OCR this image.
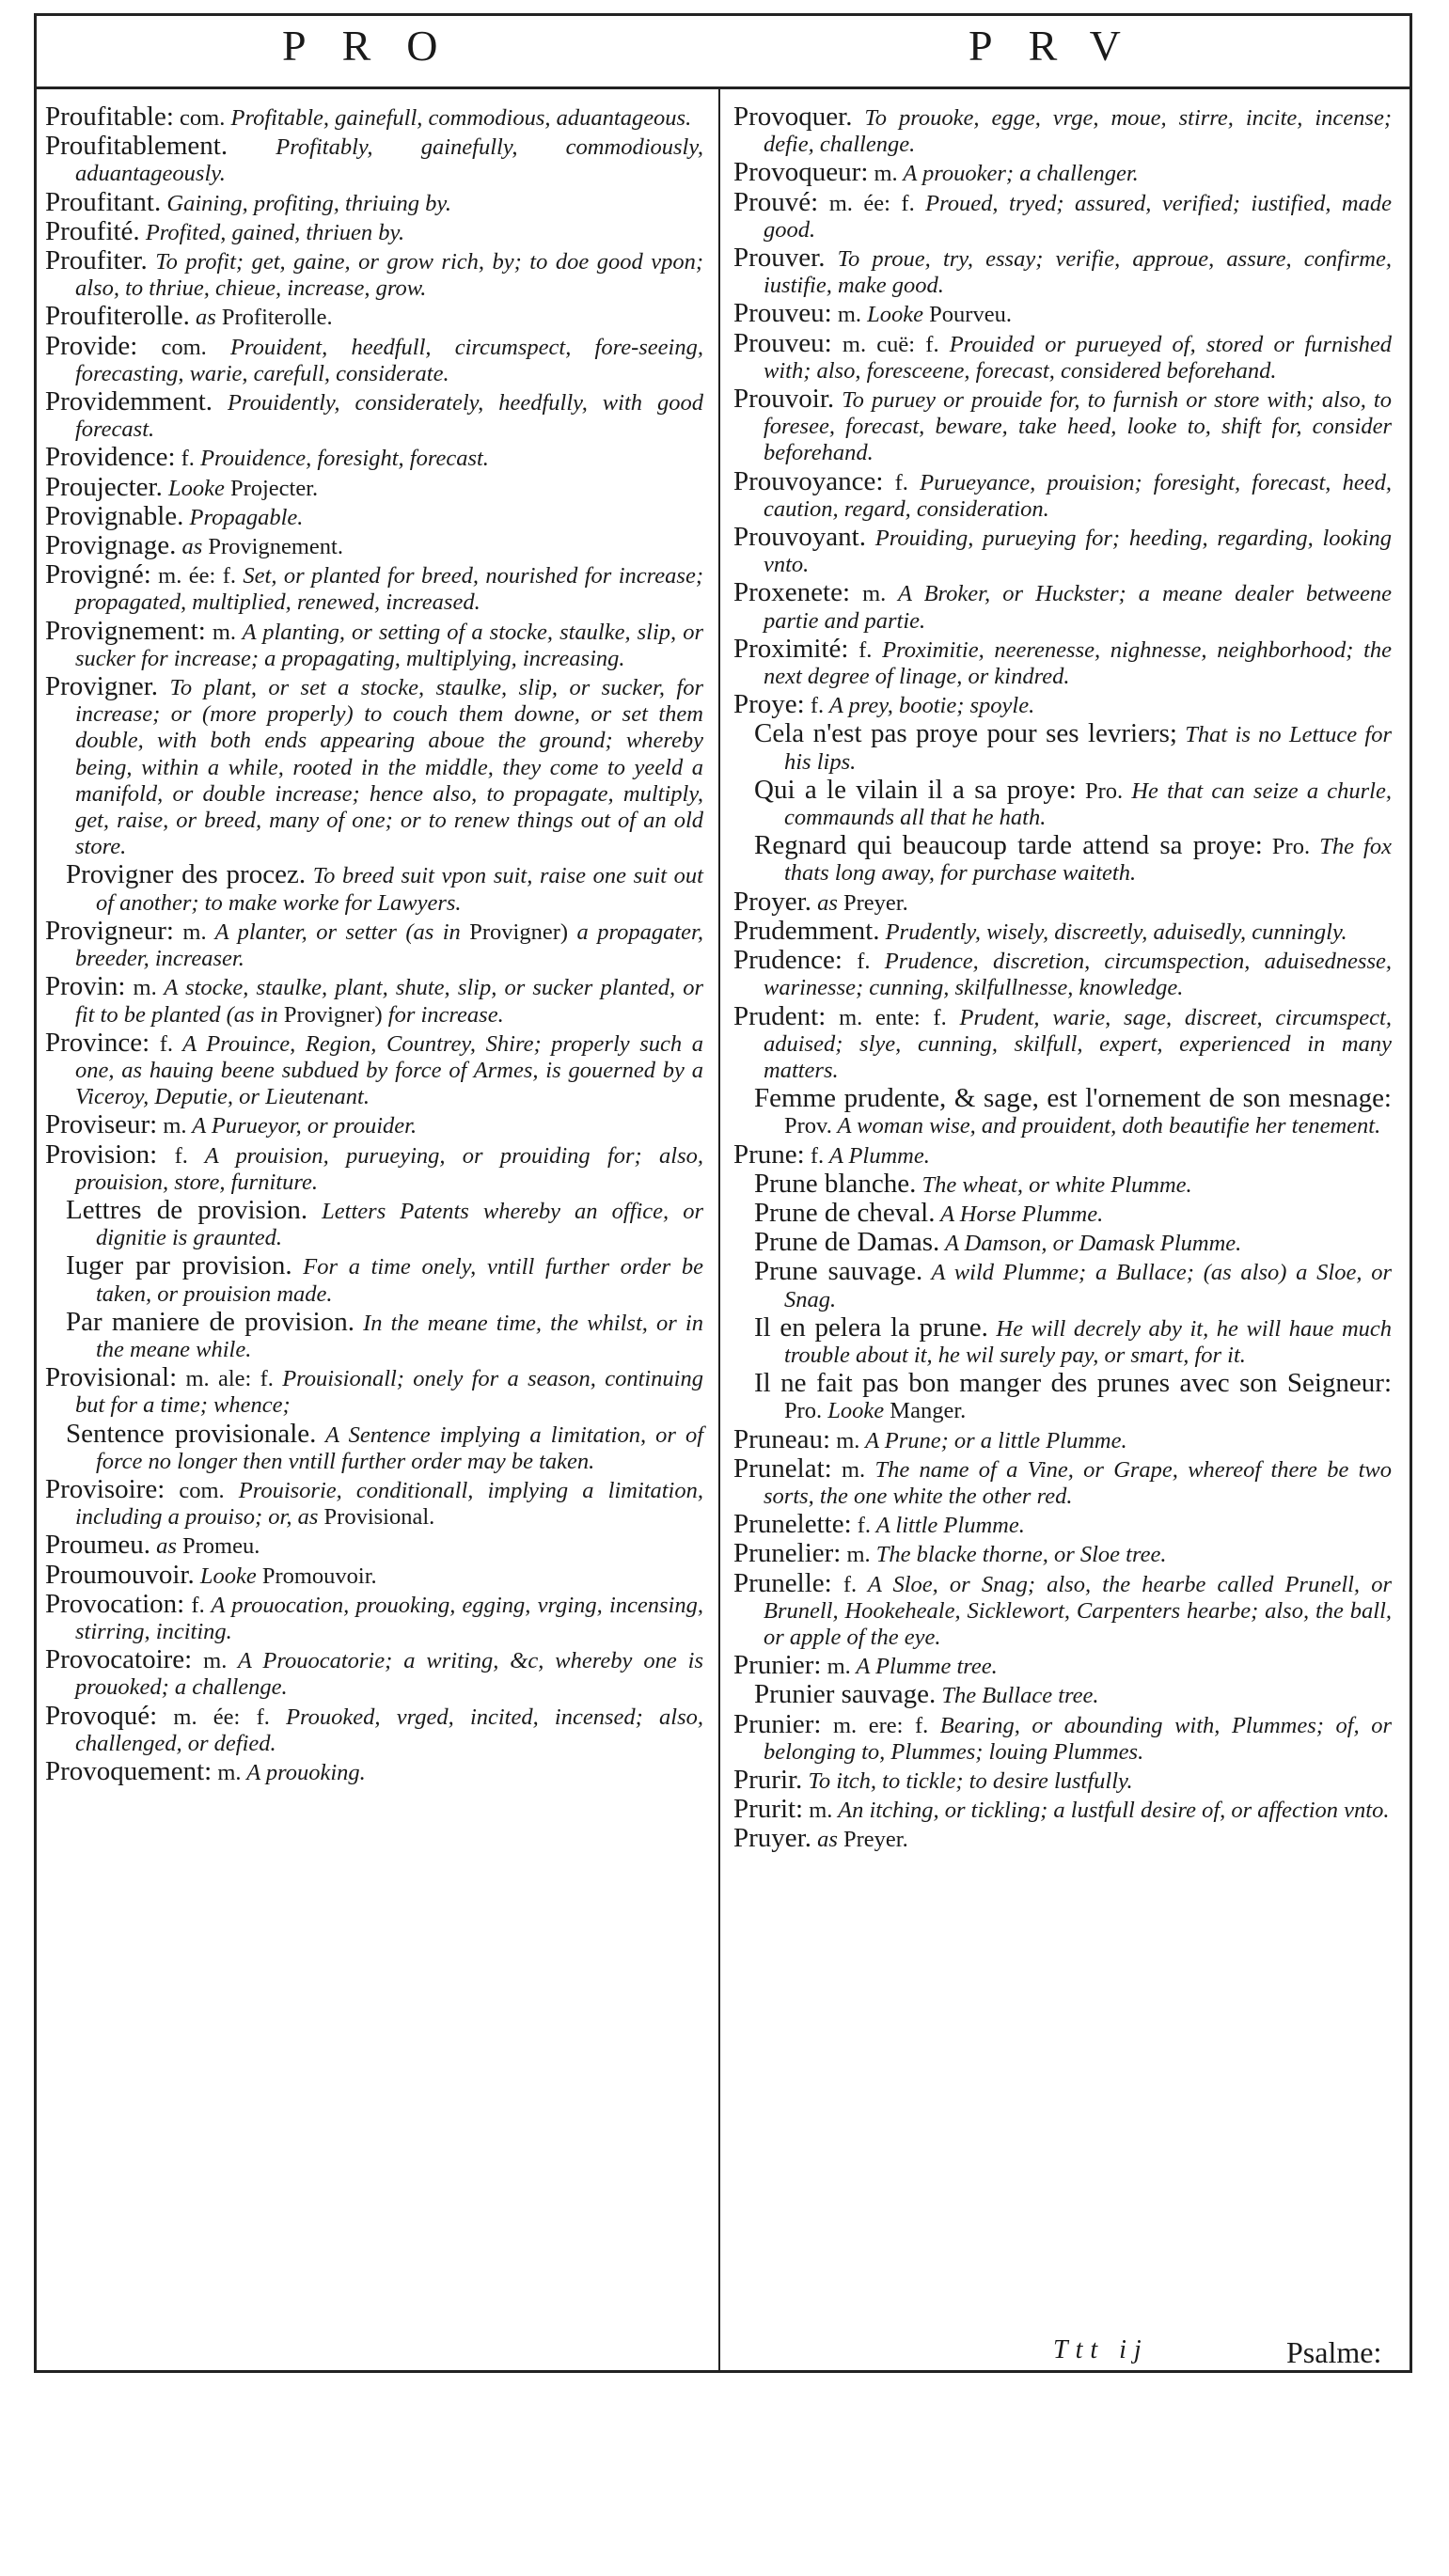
PRO	PRV

Proufitable: com. Profitable, gainefull, commodious, aduantageous.

Proufitablement. Profitably, gainefully, commodiously, aduantageously.

Proufitant. Gaining, profiting, thriuing by.

Proufité. Profited, gained, thriuen by.

Proufiter. To profit; get, gaine, or grow rich, by; to doe good vpon; also, to thriue, chieue, increase, grow.

Proufiterolle. as Profiterolle.

Provide: com. Prouident, heedfull, circumspect, fore-seeing, forecasting, warie, carefull, considerate.

Providemment. Prouidently, considerately, heedfully, with good forecast.

Providence: f. Prouidence, foresight, forecast.

Proujecter. Looke Projecter.

Provignable. Propagable.

Provignage. as Provignement.

Provigné: m. ée: f. Set, or planted for breed, nourished for increase; propagated, multiplied, renewed, increased.

Provignement: m. A planting, or setting of a stocke, staulke, slip, or sucker for increase; a propagating, multiplying, increasing.

Provigner. To plant, or set a stocke, staulke, slip, or sucker, for increase; or (more properly) to couch them downe, or set them double, with both ends appearing aboue the ground; whereby being, within a while, rooted in the middle, they come to yeeld a manifold, or double increase; hence also, to propagate, multiply, get, raise, or breed, many of one; or to renew things out of an old store.

Provigner des procez. To breed suit vpon suit, raise one suit out of another; to make worke for Lawyers.

Provigneur: m. A planter, or setter (as in Provigner) a propagater, breeder, increaser.

Provin: m. A stocke, staulke, plant, shute, slip, or sucker planted, or fit to be planted (as in Provigner) for increase.

Province: f. A Prouince, Region, Countrey, Shire; properly such a one, as hauing beene subdued by force of Armes, is gouerned by a Viceroy, Deputie, or Lieutenant.

Proviseur: m. A Purueyor, or prouider.

Provision: f. A prouision, purueying, or prouiding for; also, prouision, store, furniture.

Lettres de provision. Letters Patents whereby an office, or dignitie is graunted.

Iuger par provision. For a time onely, vntill further order be taken, or prouision made.

Par maniere de provision. In the meane time, the whilst, or in the meane while.

Provisional: m. ale: f. Prouisionall; onely for a season, continuing but for a time; whence;

Sentence provisionale. A Sentence implying a limitation, or of force no longer then vntill further order may be taken.

Provisoire: com. Prouisorie, conditionall, implying a limitation, including a prouiso; or, as Provisional.

Proumeu. as Promeu.

Proumouvoir. Looke Promouvoir.

Provocation: f. A prouocation, prouoking, egging, vrging, incensing, stirring, inciting.

Provocatoire: m. A Prouocatorie; a writing, &c, whereby one is prouoked; a challenge.

Provoqué: m. ée: f. Prouoked, vrged, incited, incensed; also, challenged, or defied.

Provoquement: m. A prouoking.

Provoquer. To prouoke, egge, vrge, moue, stirre, incite, incense; defie, challenge.

Provoqueur: m. A prouoker; a challenger.

Prouvé: m. ée: f. Proued, tryed; assured, verified; iustified, made good.

Prouver. To proue, try, essay; verifie, approue, assure, confirme, iustifie, make good.

Prouveu: m. Looke Pourveu.

Prouveu: m. cuë: f. Prouided or purueyed of, stored or furnished with; also, foresceene, forecast, considered beforehand.

Prouvoir. To puruey or prouide for, to furnish or store with; also, to foresee, forecast, beware, take heed, looke to, shift for, consider beforehand.

Prouvoyance: f. Purueyance, prouision; foresight, forecast, heed, caution, regard, consideration.

Prouvoyant. Prouiding, purueying for; heeding, regarding, looking vnto.

Proxenete: m. A Broker, or Huckster; a meane dealer betweene partie and partie.

Proximité: f. Proximitie, neerenesse, nighnesse, neighborhood; the next degree of linage, or kindred.

Proye: f. A prey, bootie; spoyle.

Cela n'est pas proye pour ses levriers; That is no Lettuce for his lips.

Qui a le vilain il a sa proye: Pro. He that can seize a churle, commaunds all that he hath.

Regnard qui beaucoup tarde attend sa proye: Pro. The fox thats long away, for purchase waiteth.

Proyer. as Preyer.

Prudemment. Prudently, wisely, discreetly, aduisedly, cunningly.

Prudence: f. Prudence, discretion, circumspection, aduisednesse, warinesse; cunning, skilfullnesse, knowledge.

Prudent: m. ente: f. Prudent, warie, sage, discreet, circumspect, aduised; slye, cunning, skilfull, expert, experienced in many matters.

Femme prudente, & sage, est l'ornement de son mesnage: Prov. A woman wise, and prouident, doth beautifie her tenement.

Prune: f. A Plumme.

Prune blanche. The wheat, or white Plumme.

Prune de cheval. A Horse Plumme.

Prune de Damas. A Damson, or Damask Plumme.

Prune sauvage. A wild Plumme; a Bullace; (as also) a Sloe, or Snag.

Il en pelera la prune. He will decrely aby it, he will haue much trouble about it, he wil surely pay, or smart, for it.

Il ne fait pas bon manger des prunes avec son Seigneur: Pro. Looke Manger.

Pruneau: m. A Prune; or a little Plumme.

Prunelat: m. The name of a Vine, or Grape, whereof there be two sorts, the one white the other red.

Prunelette: f. A little Plumme.

Prunelier: m. The blacke thorne, or Sloe tree.

Prunelle: f. A Sloe, or Snag; also, the hearbe called Prunell, or Brunell, Hookeheale, Sicklewort, Carpenters hearbe; also, the ball, or apple of the eye.

Prunier: m. A Plumme tree.

Prunier sauvage. The Bullace tree.

Prunier: m. ere: f. Bearing, or abounding with, Plummes; of, or belonging to, Plummes; louing Plummes.

Prurir. To itch, to tickle; to desire lustfully.

Prurit: m. An itching, or tickling; a lustfull desire of, or affection vnto.

Pruyer. as Preyer.

Ttt ij	Psalme:
